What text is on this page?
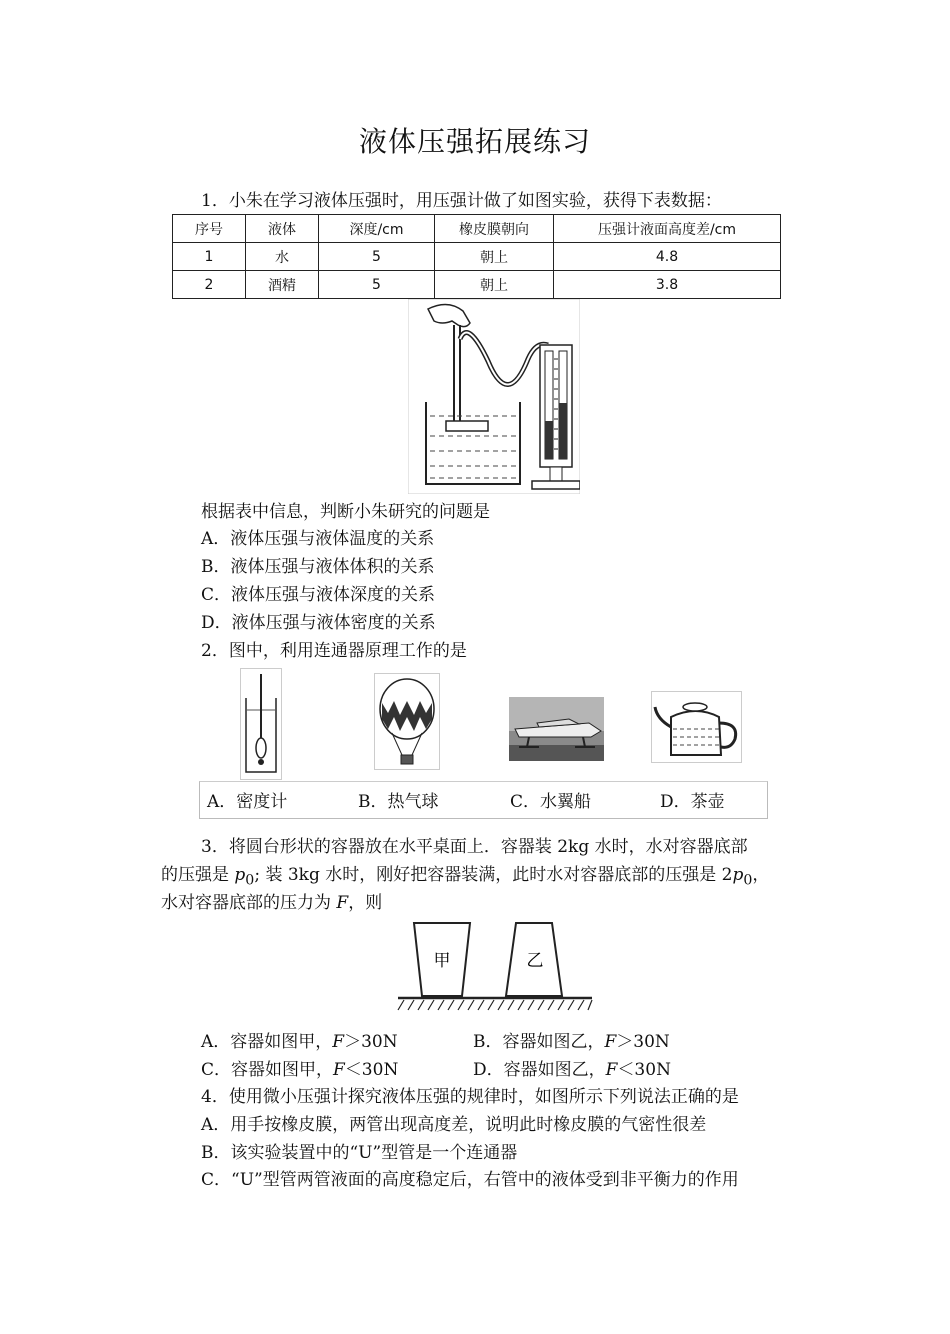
液体压强拓展练习
1．小朱在学习液体压强时，用压强计做了如图实验，获得下表数据：
序号	液体	深度/cm	橡皮膜朝向	压强计液面高度差/cm
1	水	5	朝上	4.8
2	酒精	5	朝上	3.8
根据表中信息，判断小朱研究的问题是
A．液体压强与液体温度的关系
B．液体压强与液体体积的关系
C．液体压强与液体深度的关系
D．液体压强与液体密度的关系
2．图中，利用连通器原理工作的是
A．密度计	B．热气球	C．水翼船	D．茶壶
3．将圆台形状的容器放在水平桌面上．容器装 2kg 水时，水对容器底部
的压强是 $p_0$; 装 3kg 水时，刚好把容器装满，此时水对容器底部的压强是 $2p_0$，
水对容器底部的压力为 F，则
甲	乙
A．容器如图甲，F＞30N	B．容器如图乙，F＞30N
C．容器如图甲，F＜30N	D．容器如图乙，F＜30N
4．使用微小压强计探究液体压强的规律时，如图所示下列说法正确的是
A．用手按橡皮膜，两管出现高度差，说明此时橡皮膜的气密性很差
B．该实验装置中的“U”型管是一个连通器
C．“U”型管两管液面的高度稳定后，右管中的液体受到非平衡力的作用
